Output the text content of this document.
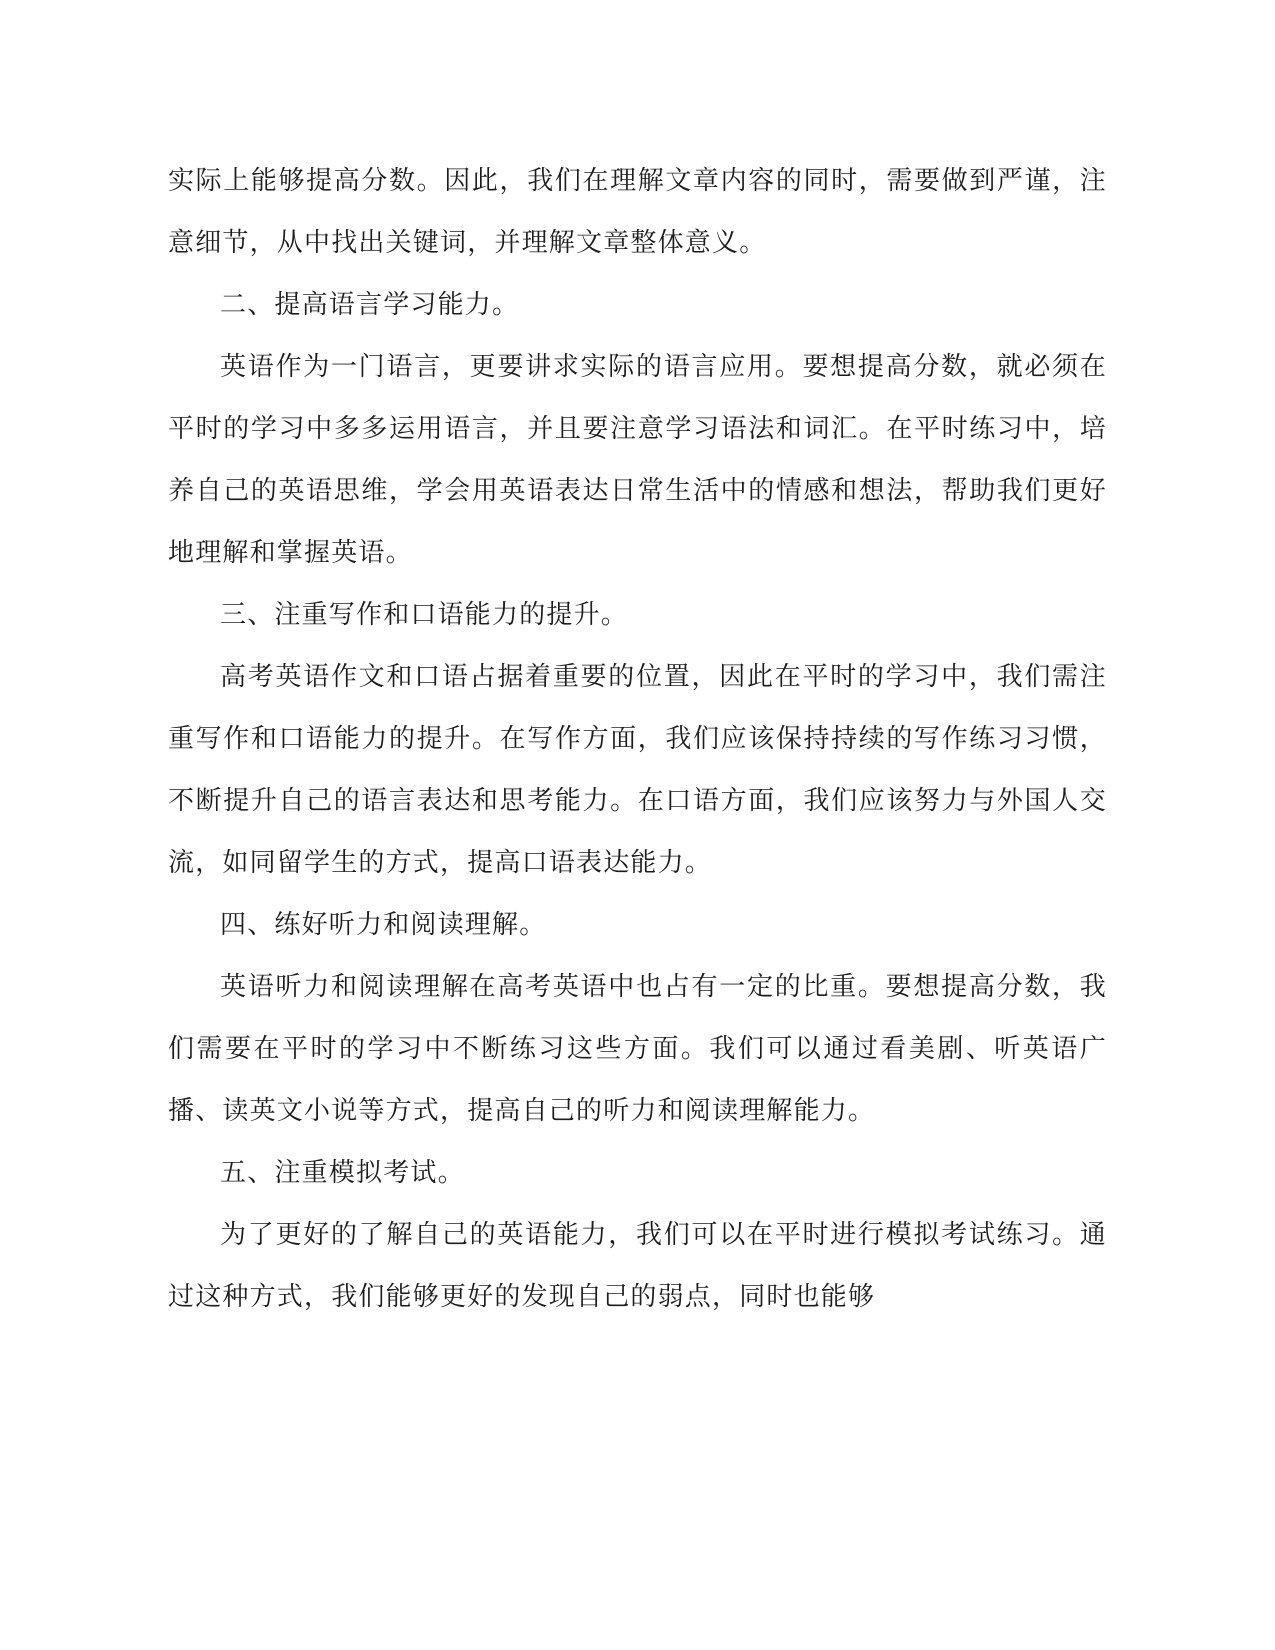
实际上能够提高分数。因此，我们在理解文章内容的同时，需要做到严谨，注意细节，从中找出关键词，并理解文章整体意义。

二、提高语言学习能力。

英语作为一门语言，更要讲求实际的语言应用。要想提高分数，就必须在平时的学习中多多运用语言，并且要注意学习语法和词汇。在平时练习中，培养自己的英语思维，学会用英语表达日常生活中的情感和想法，帮助我们更好地理解和掌握英语。

三、注重写作和口语能力的提升。

高考英语作文和口语占据着重要的位置，因此在平时的学习中，我们需注重写作和口语能力的提升。在写作方面，我们应该保持持续的写作练习习惯，不断提升自己的语言表达和思考能力。在口语方面，我们应该努力与外国人交流，如同留学生的方式，提高口语表达能力。

四、练好听力和阅读理解。

英语听力和阅读理解在高考英语中也占有一定的比重。要想提高分数，我们需要在平时的学习中不断练习这些方面。我们可以通过看美剧、听英语广播、读英文小说等方式，提高自己的听力和阅读理解能力。

五、注重模拟考试。

为了更好的了解自己的英语能力，我们可以在平时进行模拟考试练习。通过这种方式，我们能够更好的发现自己的弱点，同时也能够
